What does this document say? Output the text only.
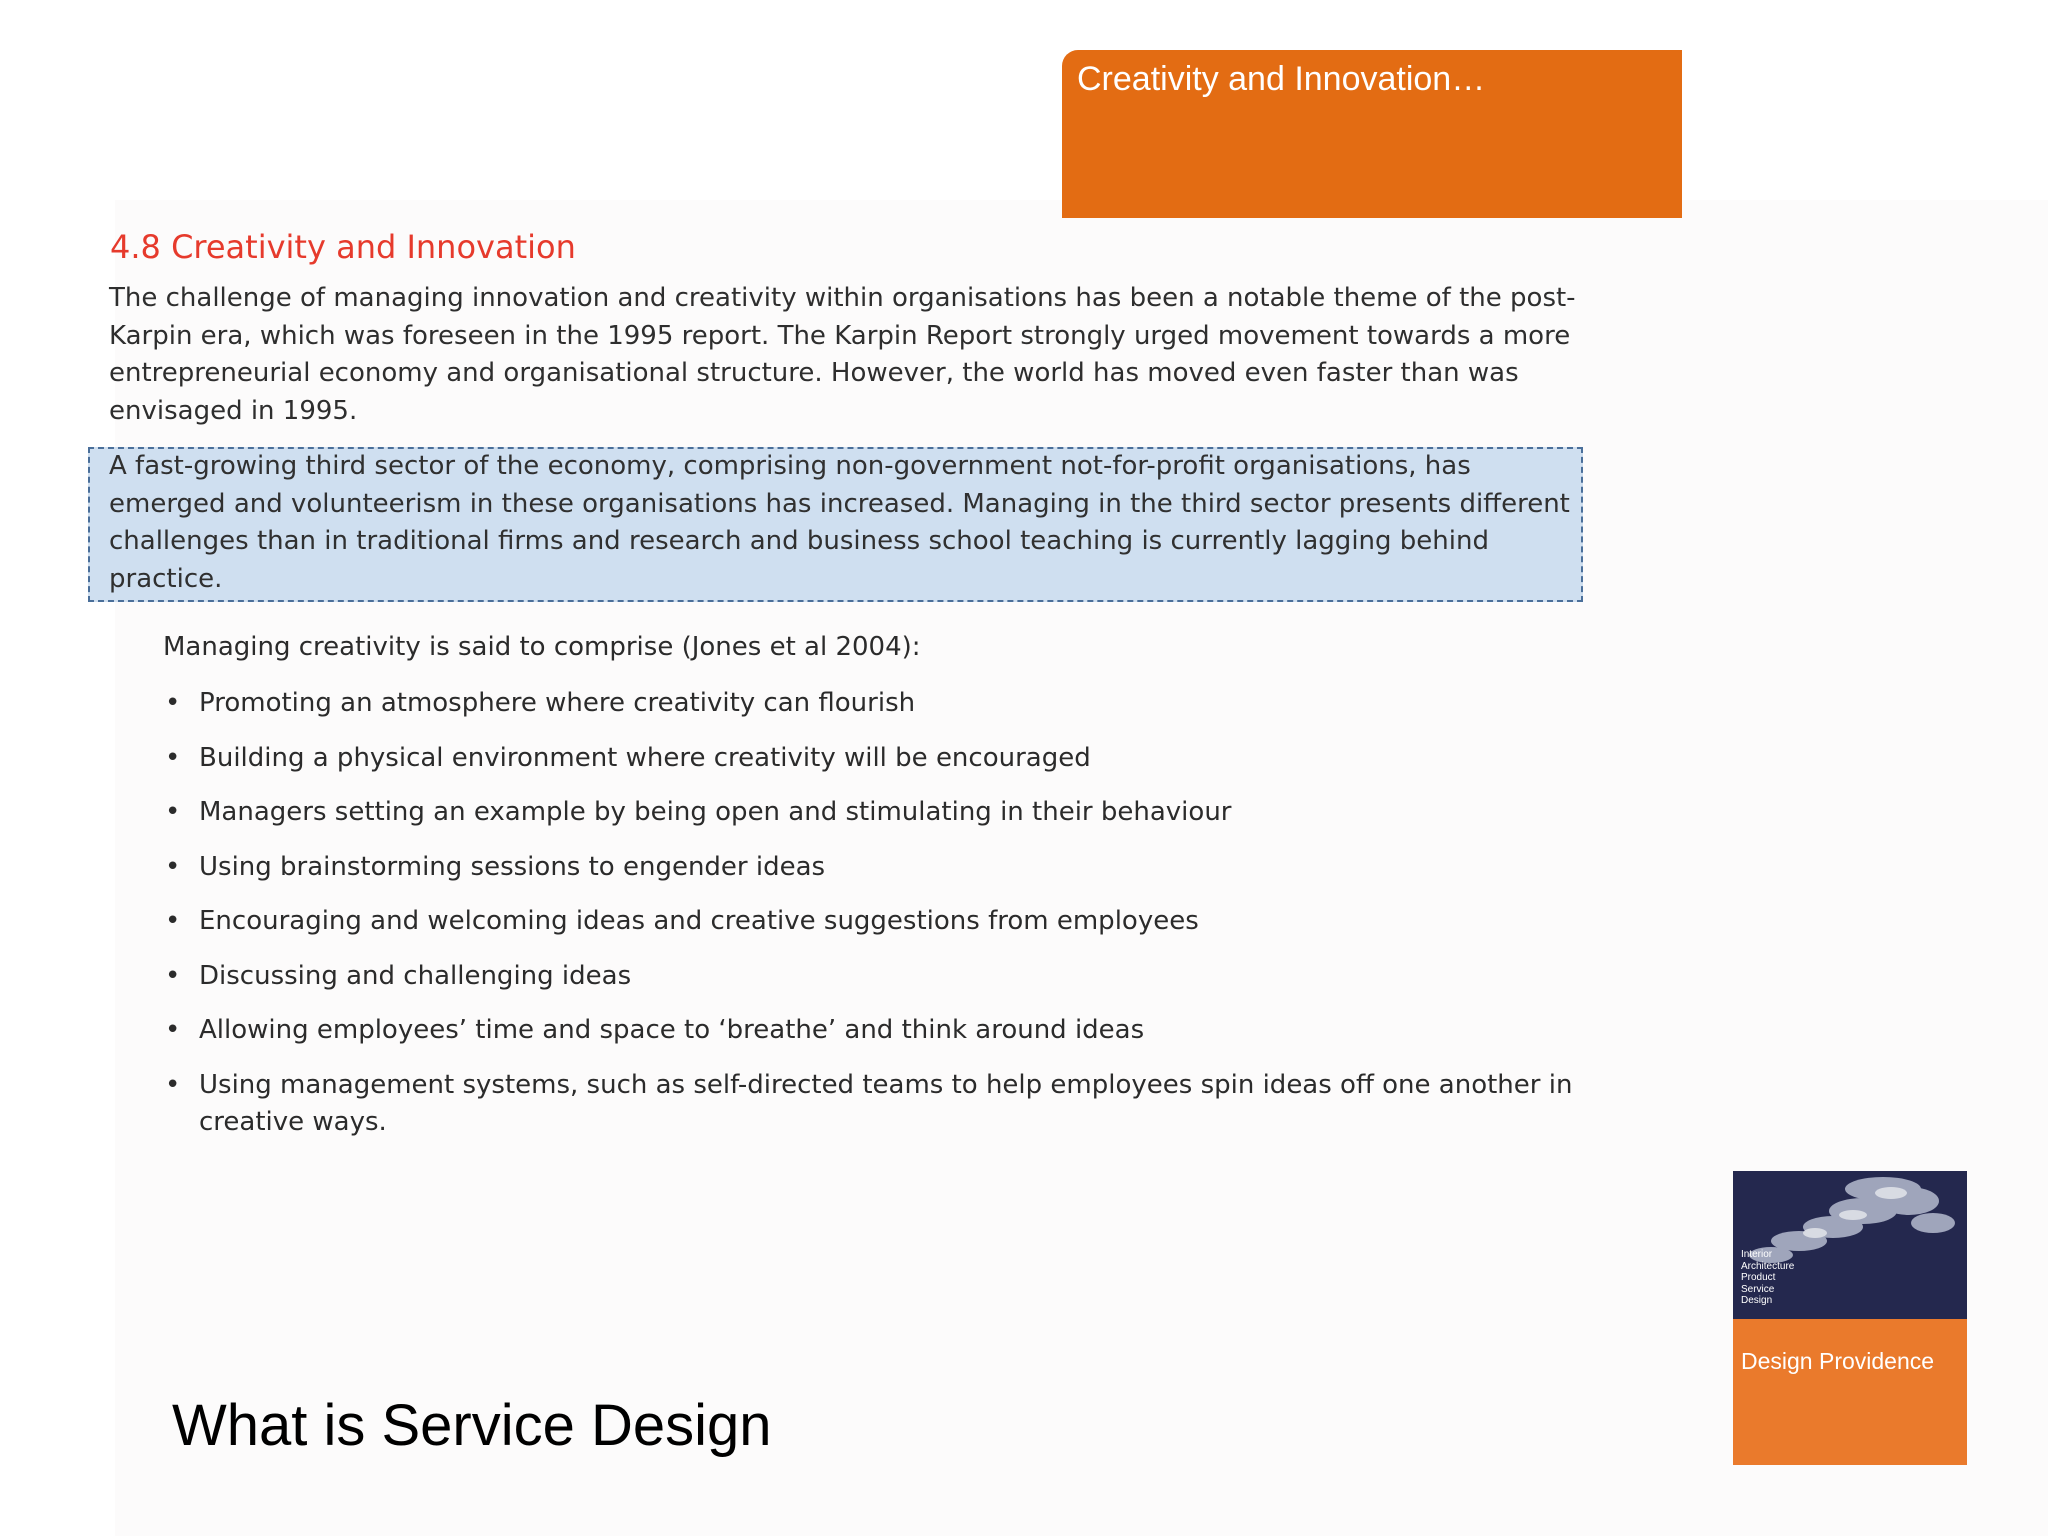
Creativity and Innovation…
4.8 Creativity and Innovation

The challenge of managing innovation and creativity within organisations has been a notable theme of the post-Karpin era, which was foreseen in the 1995 report. The Karpin Report strongly urged movement towards a more entrepreneurial economy and organisational structure. However, the world has moved even faster than was envisaged in 1995.

A fast-growing third sector of the economy, comprising non-government not-for-profit organisations, has emerged and volunteerism in these organisations has increased. Managing in the third sector presents different challenges than in traditional firms and research and business school teaching is currently lagging behind practice.

Managing creativity is said to comprise (Jones et al 2004):
• Promoting an atmosphere where creativity can flourish
• Building a physical environment where creativity will be encouraged
• Managers setting an example by being open and stimulating in their behaviour
• Using brainstorming sessions to engender ideas
• Encouraging and welcoming ideas and creative suggestions from employees
• Discussing and challenging ideas
• Allowing employees’ time and space to ‘breathe’ and think around ideas
• Using management systems, such as self-directed teams to help employees spin ideas off one another in creative ways.
Interior
Architecture
Product
Service
Design
Design Providence
What is Service Design
